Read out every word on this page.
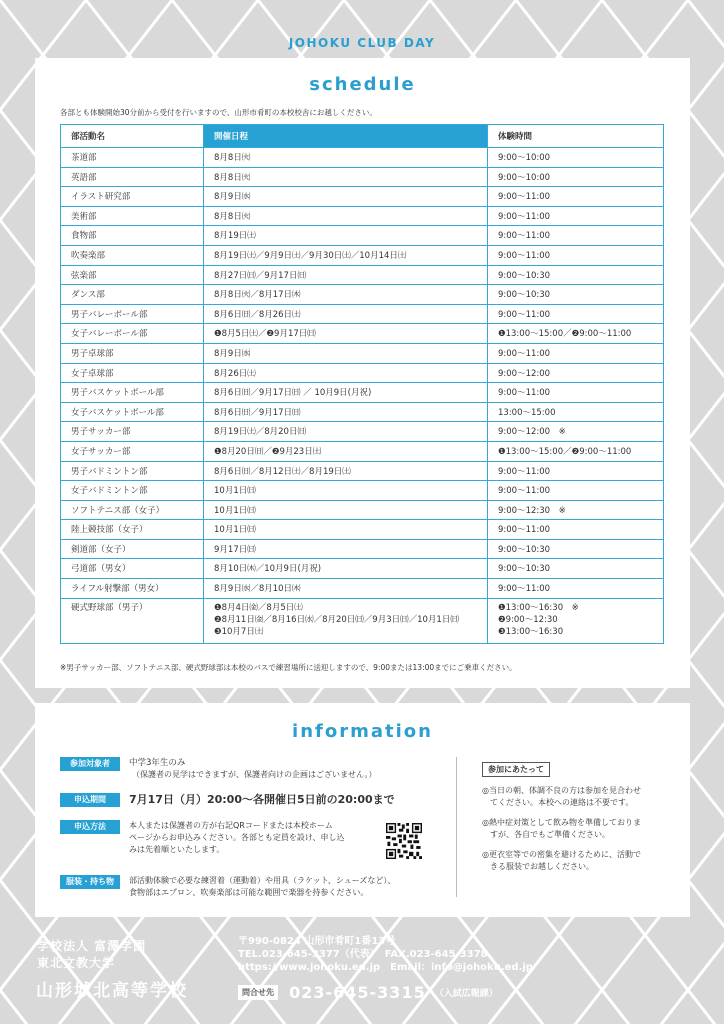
JOHOKU CLUB DAY
schedule
各部とも体験開始30分前から受付を行いますので、山形市肴町の本校校舎にお越しください。
部活動名	開催日程	体験時間
茶道部	8月8日㈫	9:00〜10:00

英語部	8月8日㈫	9:00〜10:00

イラスト研究部	8月9日㈬	9:00〜11:00

美術部	8月8日㈫	9:00〜11:00

食物部	8月19日㈯	9:00〜11:00

吹奏楽部	8月19日㈯／9月9日㈯／9月30日㈯／10月14日㈯	9:00〜11:00

弦楽部	8月27日㈰／9月17日㈰	9:00〜10:30

ダンス部	8月8日㈫／8月17日㈭	9:00〜10:30

男子バレーボール部	8月6日㈰／8月26日㈯	9:00〜11:00

女子バレーボール部	❶8月5日㈯／❷9月17日㈰	❶13:00〜15:00／❷9:00〜11:00

男子卓球部	8月9日㈬	9:00〜11:00

女子卓球部	8月26日㈯	9:00〜12:00

男子バスケットボール部	8月6日㈰／9月17日㈰ ／ 10月9日(月祝)	9:00〜11:00

女子バスケットボール部	8月6日㈰／9月17日㈰	13:00〜15:00

男子サッカー部	8月19日㈯／8月20日㈰	9:00〜12:00　※

女子サッカー部	❶8月20日㈰／❷9月23日㈯	❶13:00〜15:00／❷9:00〜11:00

男子バドミントン部	8月6日㈰／8月12日㈯／8月19日㈯	9:00〜11:00

女子バドミントン部	10月1日㈰	9:00〜11:00

ソフトテニス部（女子）	10月1日㈰	9:00〜12:30　※

陸上競技部（女子）	10月1日㈰	9:00〜11:00

剣道部（女子）	9月17日㈰	9:00〜10:30

弓道部（男女）	8月10日㈭／10月9日(月祝)	9:00〜10:30

ライフル射撃部（男女）	8月9日㈬／8月10日㈭	9:00〜11:00

硬式野球部（男子）	❶8月4日㈮／8月5日㈯
❷8月11日㈮／8月16日㈬／8月20日㈰／9月3日㈰／10月1日㈰
❸10月7日㈯	❶13:00〜16:30　※
❷9:00〜12:30
❸13:00〜16:30
※男子サッカー部、ソフトテニス部、硬式野球部は本校のバスで練習場所に送迎しますので、9:00または13:00までにご乗車ください。
information
参加対象者	中学3年生のみ
（保護者の見学はできますが、保護者向けの企画はございません。）
申込期間	7月17日（月）20:00〜各開催日5日前の20:00まで
申込方法	本人または保護者の方が右記QRコードまたは本校ホーム
ページからお申込みください。各部とも定員を設け、申し込
みは先着順といたします。
服装・持ち物	部活動体験で必要な練習着（運動着）や用具（ラケット、シューズなど）、
食物部はエプロン、吹奏楽部は可能な範囲で楽器を持参ください。
参加にあたって
◎当日の朝、体調不良の方は参加を見合わせ
　てください。本校への連絡は不要です。
◎熱中症対策として飲み物を準備しておりま
　すが、各自でもご準備ください。
◎更衣室等での密集を避けるために、活動で
　きる服装でお越しください。
学校法人 富澤学園
東北文教大学
山形城北高等学校
〒990-0824 山形市肴町1番13号
TEL.023-645-3377（代表）　FAX.023-645-3378
https://www.johoku.ed.jp　Email：info@johoku.ed.jp
問合せ先 023-645-3315 （入試広報課）
